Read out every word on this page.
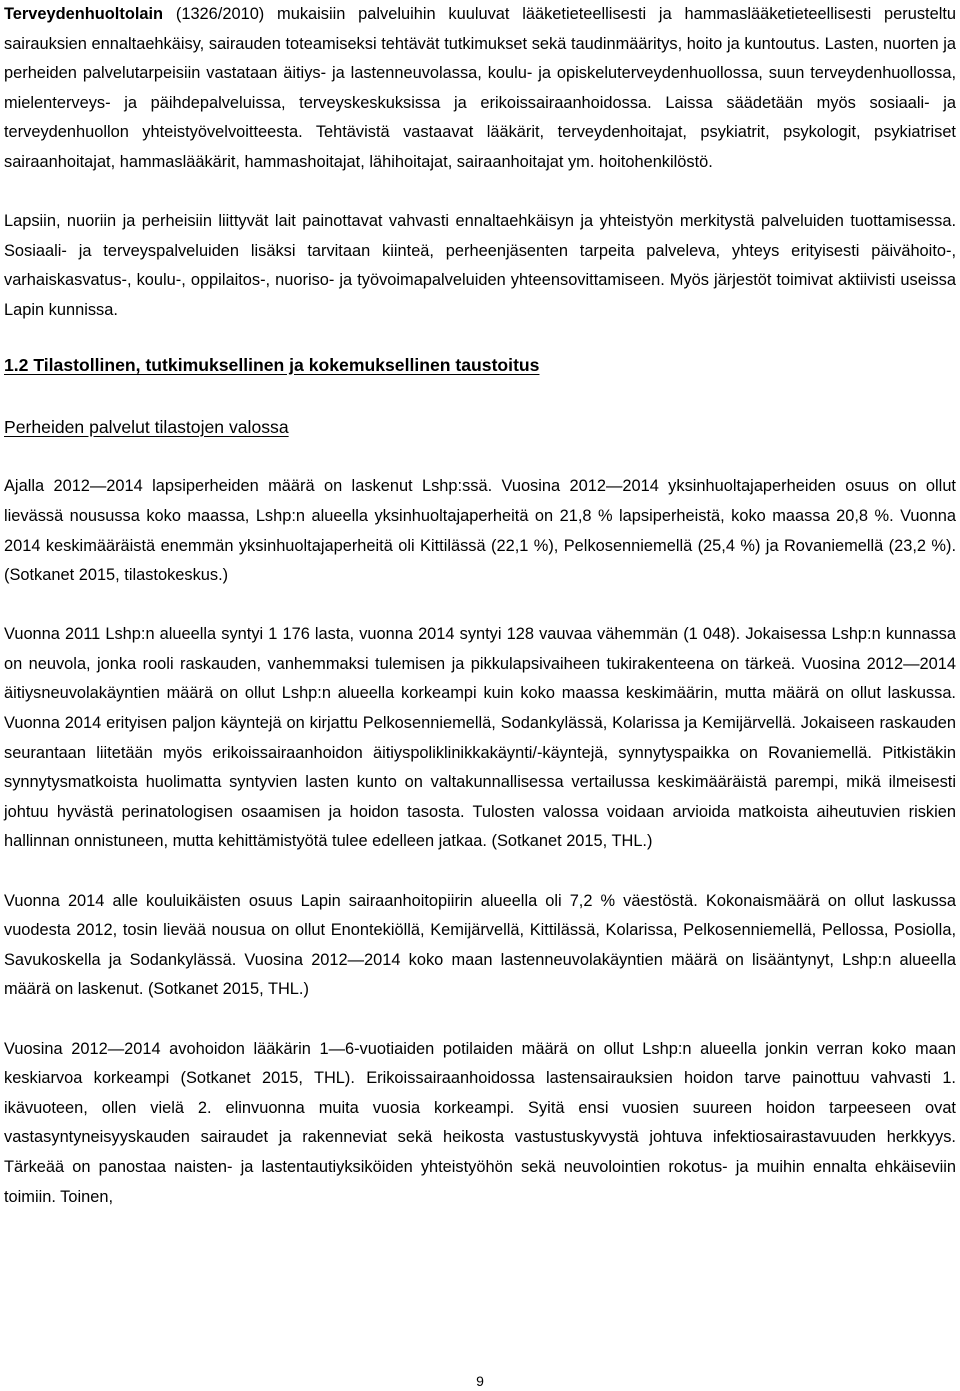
Terveydenhuoltolain (1326/2010) mukaisiin palveluihin kuuluvat lääketieteellisesti ja hammaslääketieteellisesti perusteltu sairauksien ennaltaehkäisy, sairauden toteamiseksi tehtävät tutkimukset sekä taudinmääritys, hoito ja kuntoutus. Lasten, nuorten ja perheiden palvelutarpeisiin vastataan äitiys- ja lastenneuvolassa, koulu- ja opiskeluterveydenhuollossa, suun terveydenhuollossa, mielenterveys- ja päihdepalveluissa, terveyskeskuksissa ja erikoissairaanhoidossa. Laissa säädetään myös sosiaali- ja terveydenhuollon yhteistyövelvoitteesta. Tehtävistä vastaavat lääkärit, terveydenhoitajat, psykiatrit, psykologit, psykiatriset sairaanhoitajat, hammaslääkärit, hammashoitajat, lähihoitajat, sairaanhoitajat ym. hoitohenkilöstö.

Lapsiin, nuoriin ja perheisiin liittyvät lait painottavat vahvasti ennaltaehkäisyn ja yhteistyön merkitystä palveluiden tuottamisessa. Sosiaali- ja terveyspalveluiden lisäksi tarvitaan kiinteä, perheenjäsenten tarpeita palveleva, yhteys erityisesti päivähoito-, varhaiskasvatus-, koulu-, oppilaitos-, nuoriso- ja työvoimapalveluiden yhteensovittamiseen. Myös järjestöt toimivat aktiivisti useissa Lapin kunnissa.

1.2 Tilastollinen, tutkimuksellinen ja kokemuksellinen taustoitus
Perheiden palvelut tilastojen valossa

Ajalla 2012—2014 lapsiperheiden määrä on laskenut Lshp:ssä. Vuosina 2012—2014 yksinhuoltajaperheiden osuus on ollut lievässä nousussa koko maassa, Lshp:n alueella yksinhuoltajaperheitä on 21,8 % lapsiperheistä, koko maassa 20,8 %. Vuonna 2014 keskimääräistä enemmän yksinhuoltajaperheitä oli Kittilässä (22,1 %), Pelkosenniemellä (25,4 %) ja Rovaniemellä (23,2 %). (Sotkanet 2015, tilastokeskus.)

Vuonna 2011 Lshp:n alueella syntyi 1 176 lasta, vuonna 2014 syntyi 128 vauvaa vähemmän (1 048). Jokaisessa Lshp:n kunnassa on neuvola, jonka rooli raskauden, vanhemmaksi tulemisen ja pikkulapsivaiheen tukirakenteena on tärkeä. Vuosina 2012—2014 äitiysneuvolakäyntien määrä on ollut Lshp:n alueella korkeampi kuin koko maassa keskimäärin, mutta määrä on ollut laskussa. Vuonna 2014 erityisen paljon käyntejä on kirjattu Pelkosenniemellä, Sodankylässä, Kolarissa ja Kemijärvellä. Jokaiseen raskauden seurantaan liitetään myös erikoissairaanhoidon äitiyspoliklinikkakäynti/-käyntejä, synnytyspaikka on Rovaniemellä. Pitkistäkin synnytysmatkoista huolimatta syntyvien lasten kunto on valtakunnallisessa vertailussa keskimääräistä parempi, mikä ilmeisesti johtuu hyvästä perinatologisen osaamisen ja hoidon tasosta. Tulosten valossa voidaan arvioida matkoista aiheutuvien riskien hallinnan onnistuneen, mutta kehittämistyötä tulee edelleen jatkaa. (Sotkanet 2015, THL.)

Vuonna 2014 alle kouluikäisten osuus Lapin sairaanhoitopiirin alueella oli 7,2 % väestöstä. Kokonaismäärä on ollut laskussa vuodesta 2012, tosin lievää nousua on ollut Enontekiöllä, Kemijärvellä, Kittilässä, Kolarissa, Pelkosenniemellä, Pellossa, Posiolla, Savukoskella ja Sodankylässä. Vuosina 2012—2014 koko maan lastenneuvolakäyntien määrä on lisääntynyt, Lshp:n alueella määrä on laskenut. (Sotkanet 2015, THL.)

Vuosina 2012—2014 avohoidon lääkärin 1—6-vuotiaiden potilaiden määrä on ollut Lshp:n alueella jonkin verran koko maan keskiarvoa korkeampi (Sotkanet 2015, THL). Erikoissairaanhoidossa lastensairauksien hoidon tarve painottuu vahvasti 1. ikävuoteen, ollen vielä 2. elinvuonna muita vuosia korkeampi. Syitä ensi vuosien suureen hoidon tarpeeseen ovat vastasyntyneisyyskauden sairaudet ja rakenneviat sekä heikosta vastustuskyvystä johtuva infektiosairastavuuden herkkyys. Tärkeää on panostaa naisten- ja lastentautiyksiköiden yhteistyöhön sekä neuvolointien rokotus- ja muihin ennalta ehkäiseviin toimiin. Toinen,

9
